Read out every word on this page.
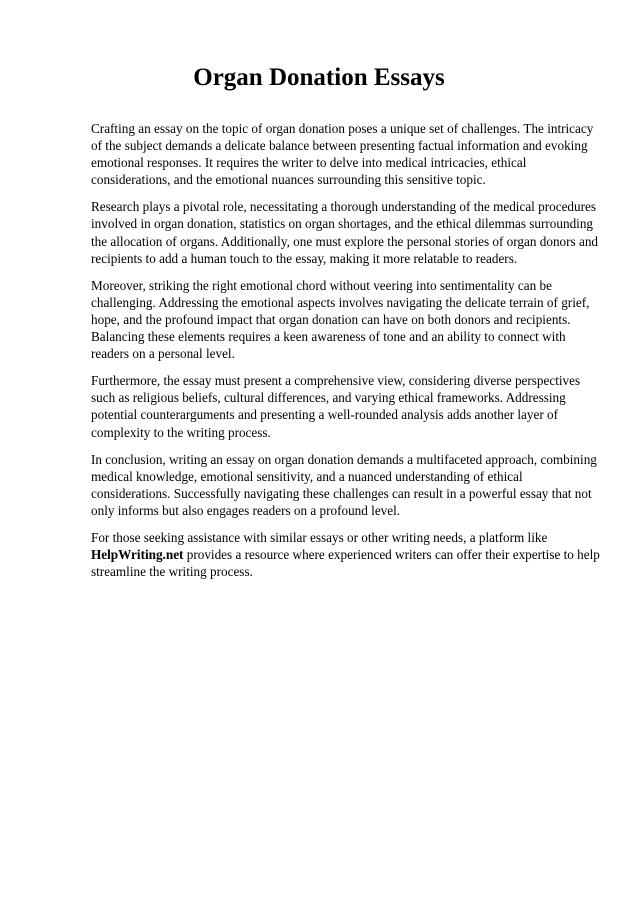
Organ Donation Essays

Crafting an essay on the topic of organ donation poses a unique set of challenges. The intricacy of the subject demands a delicate balance between presenting factual information and evoking emotional responses. It requires the writer to delve into medical intricacies, ethical considerations, and the emotional nuances surrounding this sensitive topic.

Research plays a pivotal role, necessitating a thorough understanding of the medical procedures involved in organ donation, statistics on organ shortages, and the ethical dilemmas surrounding the allocation of organs. Additionally, one must explore the personal stories of organ donors and recipients to add a human touch to the essay, making it more relatable to readers.

Moreover, striking the right emotional chord without veering into sentimentality can be challenging. Addressing the emotional aspects involves navigating the delicate terrain of grief, hope, and the profound impact that organ donation can have on both donors and recipients. Balancing these elements requires a keen awareness of tone and an ability to connect with readers on a personal level.

Furthermore, the essay must present a comprehensive view, considering diverse perspectives such as religious beliefs, cultural differences, and varying ethical frameworks. Addressing potential counterarguments and presenting a well-rounded analysis adds another layer of complexity to the writing process.

In conclusion, writing an essay on organ donation demands a multifaceted approach, combining medical knowledge, emotional sensitivity, and a nuanced understanding of ethical considerations. Successfully navigating these challenges can result in a powerful essay that not only informs but also engages readers on a profound level.

For those seeking assistance with similar essays or other writing needs, a platform like HelpWriting.net provides a resource where experienced writers can offer their expertise to help streamline the writing process.
